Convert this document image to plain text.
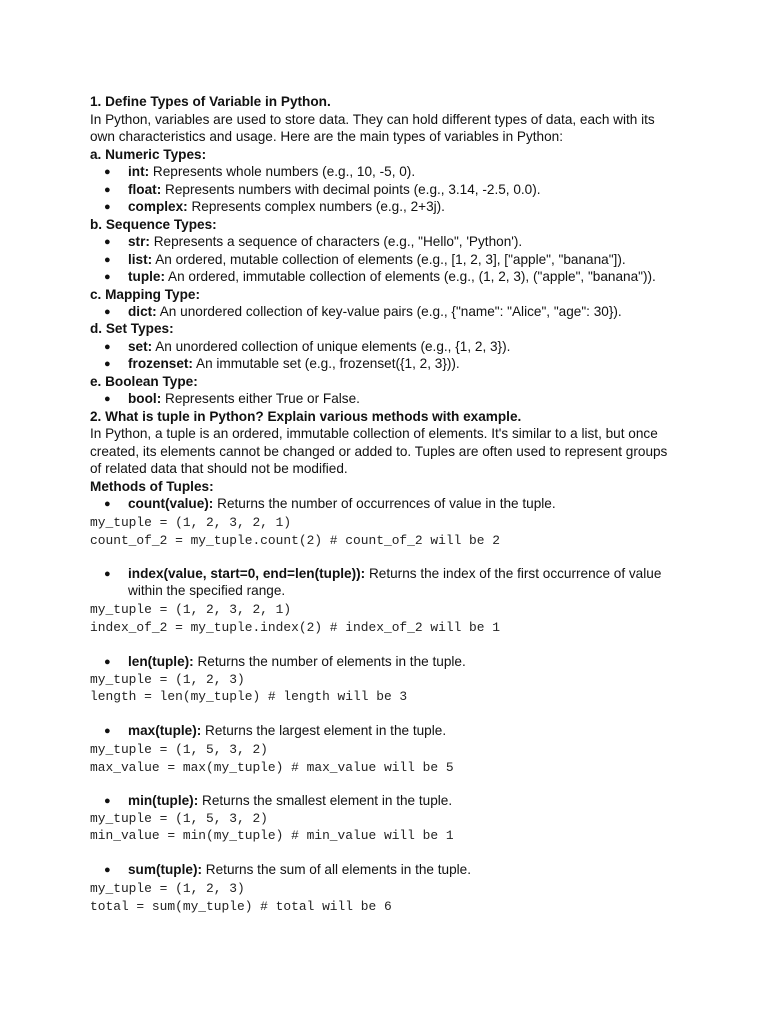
1. Define Types of Variable in Python.
In Python, variables are used to store data. They can hold different types of data, each with its
own characteristics and usage. Here are the main types of variables in Python:
a. Numeric Types:
● int: Represents whole numbers (e.g., 10, -5, 0).
● float: Represents numbers with decimal points (e.g., 3.14, -2.5, 0.0).
● complex: Represents complex numbers (e.g., 2+3j).
b. Sequence Types:
● str: Represents a sequence of characters (e.g., "Hello", 'Python').
● list: An ordered, mutable collection of elements (e.g., [1, 2, 3], ["apple", "banana"]).
● tuple: An ordered, immutable collection of elements (e.g., (1, 2, 3), ("apple", "banana")).
c. Mapping Type:
● dict: An unordered collection of key-value pairs (e.g., {"name": "Alice", "age": 30}).
d. Set Types:
● set: An unordered collection of unique elements (e.g., {1, 2, 3}).
● frozenset: An immutable set (e.g., frozenset({1, 2, 3})).
e. Boolean Type:
● bool: Represents either True or False.
2. What is tuple in Python? Explain various methods with example.
In Python, a tuple is an ordered, immutable collection of elements. It's similar to a list, but once
created, its elements cannot be changed or added to. Tuples are often used to represent groups
of related data that should not be modified.
Methods of Tuples:
● count(value): Returns the number of occurrences of value in the tuple.
my_tuple = (1, 2, 3, 2, 1)
count_of_2 = my_tuple.count(2) # count_of_2 will be 2
● index(value, start=0, end=len(tuple)): Returns the index of the first occurrence of value
within the specified range.
my_tuple = (1, 2, 3, 2, 1)
index_of_2 = my_tuple.index(2) # index_of_2 will be 1
● len(tuple): Returns the number of elements in the tuple.
my_tuple = (1, 2, 3)
length = len(my_tuple) # length will be 3
● max(tuple): Returns the largest element in the tuple.
my_tuple = (1, 5, 3, 2)
max_value = max(my_tuple) # max_value will be 5
● min(tuple): Returns the smallest element in the tuple.
my_tuple = (1, 5, 3, 2)
min_value = min(my_tuple) # min_value will be 1
● sum(tuple): Returns the sum of all elements in the tuple.
my_tuple = (1, 2, 3)
total = sum(my_tuple) # total will be 6
